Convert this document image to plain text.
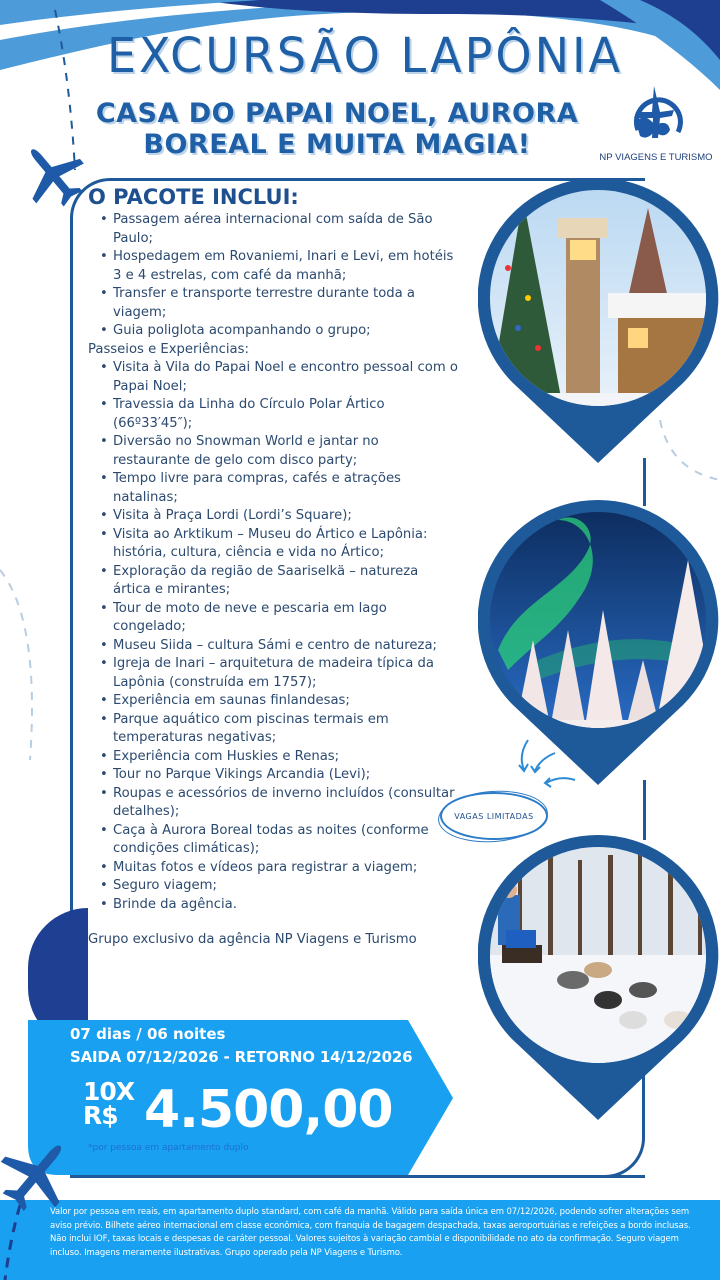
EXCURSÃO LAPÔNIA
CASA DO PAPAI NOEL, AURORA
BOREAL E MUITA MAGIA!	NP VIAGENS E TURISMO
O PACOTE INCLUI:
• Passagem aérea internacional com saída de São Paulo;
• Hospedagem em Rovaniemi, Inari e Levi, em hotéis 3 e 4 estrelas, com café da manhã;
• Transfer e transporte terrestre durante toda a viagem;
• Guia poliglota acompanhando o grupo;
Passeios e Experiências:
• Visita à Vila do Papai Noel e encontro pessoal com o Papai Noel;
• Travessia da Linha do Círculo Polar Ártico (66º33′45″);
• Diversão no Snowman World e jantar no restaurante de gelo com disco party;
• Tempo livre para compras, cafés e atrações natalinas;
• Visita à Praça Lordi (Lordi’s Square);
• Visita ao Arktikum – Museu do Ártico e Lapônia: história, cultura, ciência e vida no Ártico;
• Exploração da região de Saariselkä – natureza ártica e mirantes;
• Tour de moto de neve e pescaria em lago congelado;
• Museu Siida – cultura Sámi e centro de natureza;
• Igreja de Inari – arquitetura de madeira típica da Lapônia (construída em 1757);
• Experiência em saunas finlandesas;
• Parque aquático com piscinas termais em temperaturas negativas;
• Experiência com Huskies e Renas;
• Tour no Parque Vikings Arcandia (Levi);
• Roupas e acessórios de inverno incluídos (consultar detalhes);
• Caça à Aurora Boreal todas as noites (conforme condições climáticas);
• Muitas fotos e vídeos para registrar a viagem;
• Seguro viagem;
• Brinde da agência.
Grupo exclusivo da agência NP Viagens e Turismo
VAGAS LIMITADAS
07 dias / 06 noites
SAIDA 07/12/2026 - RETORNO 14/12/2026
10X
R$ 4.500,00
*por pessoa em apartamento duplo

Valor por pessoa em reais, em apartamento duplo standard, com café da manhã. Válido para saída única em 07/12/2026, podendo sofrer alterações sem aviso prévio. Bilhete aéreo internacional em classe econômica, com franquia de bagagem despachada, taxas aeroportuárias e refeições a bordo inclusas. Não inclui IOF, taxas locais e despesas de caráter pessoal. Valores sujeitos à variação cambial e disponibilidade no ato da confirmação. Seguro viagem incluso. Imagens meramente ilustrativas. Grupo operado pela NP Viagens e Turismo.
